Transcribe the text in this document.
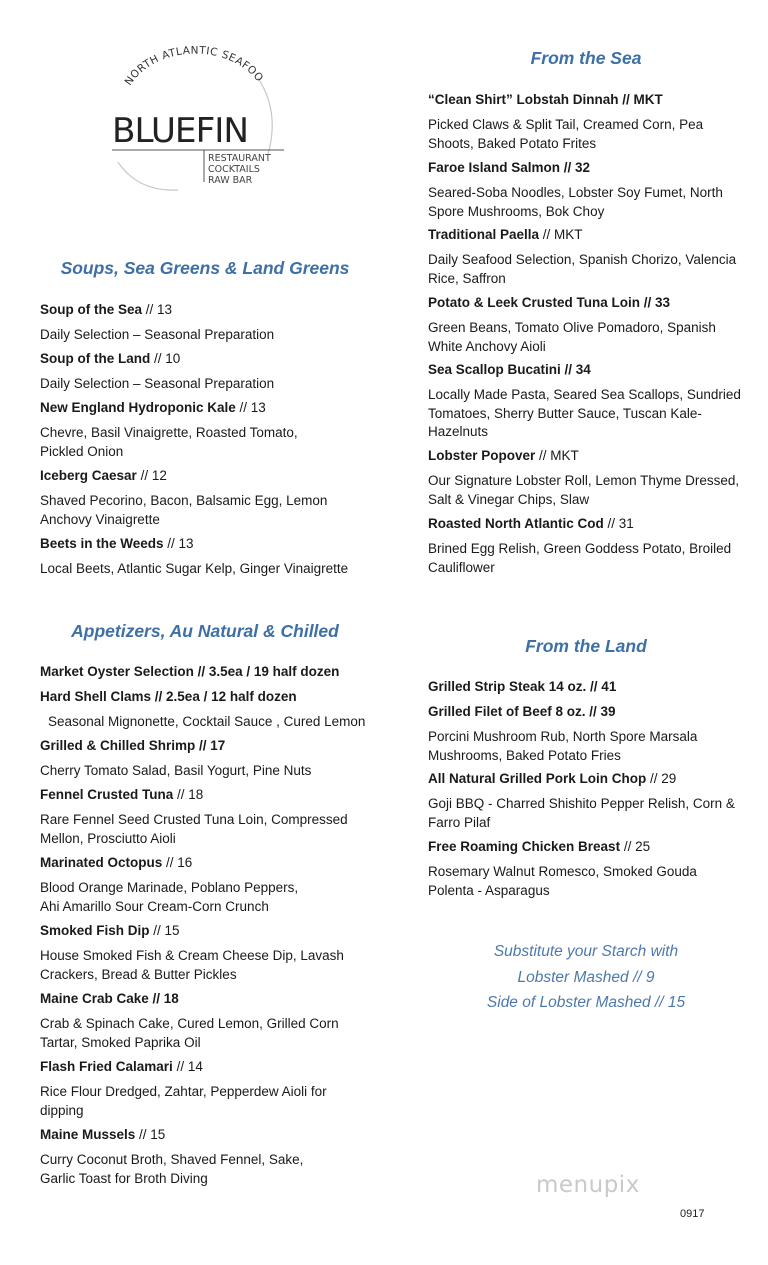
NORTH ATLANTIC SEAFOO
BLUEFIN
RESTAURANT
COCKTAILS
RAW BAR
Soups, Sea Greens & Land Greens
Appetizers, Au Natural & Chilled
From the Sea
From the Land
Soup of the Sea // 13
Daily Selection – Seasonal Preparation
Soup of the Land // 10
Daily Selection – Seasonal Preparation
New England Hydroponic Kale // 13
Chevre, Basil Vinaigrette, Roasted Tomato, Pickled Onion
Iceberg Caesar // 12
Shaved Pecorino, Bacon, Balsamic Egg, Lemon Anchovy Vinaigrette
Beets in the Weeds // 13
Local Beets, Atlantic Sugar Kelp, Ginger Vinaigrette
Market Oyster Selection // 3.5ea / 19 half dozen
Hard Shell Clams // 2.5ea / 12 half dozen
Seasonal Mignonette, Cocktail Sauce , Cured Lemon
Grilled & Chilled Shrimp // 17
Cherry Tomato Salad, Basil Yogurt, Pine Nuts
Fennel Crusted Tuna // 18
Rare Fennel Seed Crusted Tuna Loin, Compressed Mellon, Prosciutto Aioli
Marinated Octopus // 16
Blood Orange Marinade, Poblano Peppers, Ahi Amarillo Sour Cream-Corn Crunch
Smoked Fish Dip // 15
House Smoked Fish & Cream Cheese Dip, Lavash Crackers, Bread & Butter Pickles
Maine Crab Cake // 18
Crab & Spinach Cake, Cured Lemon, Grilled Corn Tartar, Smoked Paprika Oil
Flash Fried Calamari // 14
Rice Flour Dredged, Zahtar, Pepperdew Aioli for dipping
Maine Mussels // 15
Curry Coconut Broth, Shaved Fennel, Sake, Garlic Toast for Broth Diving
“Clean Shirt” Lobstah Dinnah // MKT
Picked Claws & Split Tail, Creamed Corn, Pea Shoots, Baked Potato Frites
Faroe Island Salmon // 32
Seared-Soba Noodles, Lobster Soy Fumet, North Spore Mushrooms, Bok Choy
Traditional Paella // MKT
Daily Seafood Selection, Spanish Chorizo, Valencia Rice, Saffron
Potato & Leek Crusted Tuna Loin // 33
Green Beans, Tomato Olive Pomadoro, Spanish White Anchovy Aioli
Sea Scallop Bucatini // 34
Locally Made Pasta, Seared Sea Scallops, Sundried Tomatoes, Sherry Butter Sauce, Tuscan Kale-Hazelnuts
Lobster Popover // MKT
Our Signature Lobster Roll, Lemon Thyme Dressed, Salt & Vinegar Chips, Slaw
Roasted North Atlantic Cod // 31
Brined Egg Relish, Green Goddess Potato, Broiled Cauliflower
Grilled Strip Steak 14 oz. // 41
Grilled Filet of Beef 8 oz. // 39
Porcini Mushroom Rub, North Spore Marsala Mushrooms, Baked Potato Fries
All Natural Grilled Pork Loin Chop // 29
Goji BBQ - Charred Shishito Pepper Relish, Corn & Farro Pilaf
Free Roaming Chicken Breast // 25
Rosemary Walnut Romesco, Smoked Gouda Polenta - Asparagus
Substitute your Starch with
Lobster Mashed // 9
Side of Lobster Mashed // 15
menupix
0917
